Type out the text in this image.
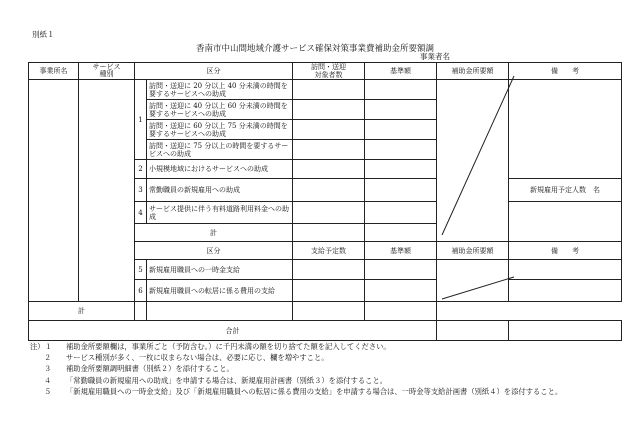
別紙１
香南市中山間地域介護サービス確保対策事業費補助金所要額調
事業者名
事業所名	サービス
種別	区分		訪問・送迎
対象者数	基準額	補助金所要額	備　　考
		1	訪問・送迎に 20 分以上 40 分未満の時間を要するサービスへの助成				
			訪問・送迎に 40 分以上 60 分未満の時間を要するサービスへの助成				
			訪問・送迎に 60 分以上 75 分未満の時間を要するサービスへの助成				
			訪問・送迎に 75 分以上の時間を要するサービスへの助成				
		2	小規模地域におけるサービスへの助成				
		3	常勤職員の新規雇用への助成				新規雇用予定人数　名
		4	サービス提供に伴う有料道路利用料金への助成				
		計					
		区分		支給予定数	基準額	補助金所要額	備　　考
		5	新規雇用職員への一時金支給				
		6	新規雇用職員への転居に係る費用の支給				
計							
合計							
注）１	補助金所要額欄は，事業所ごと（予防含む。）に千円未満の額を切り捨てた額を記入してください。
２	サービス種別が多く、一枚に収まらない場合は、必要に応じ、欄を増やすこと。
３	補助金所要額調明細書（別紙２）を添付すること。
４	「常勤職員の新規雇用への助成」を申請する場合は、新規雇用計画書（別紙３）を添付すること。
５	「新規雇用職員への一時金支給」及び「新規雇用職員への転居に係る費用の支給」を申請する場合は、一時金等支給計画書（別紙４）を添付すること。
